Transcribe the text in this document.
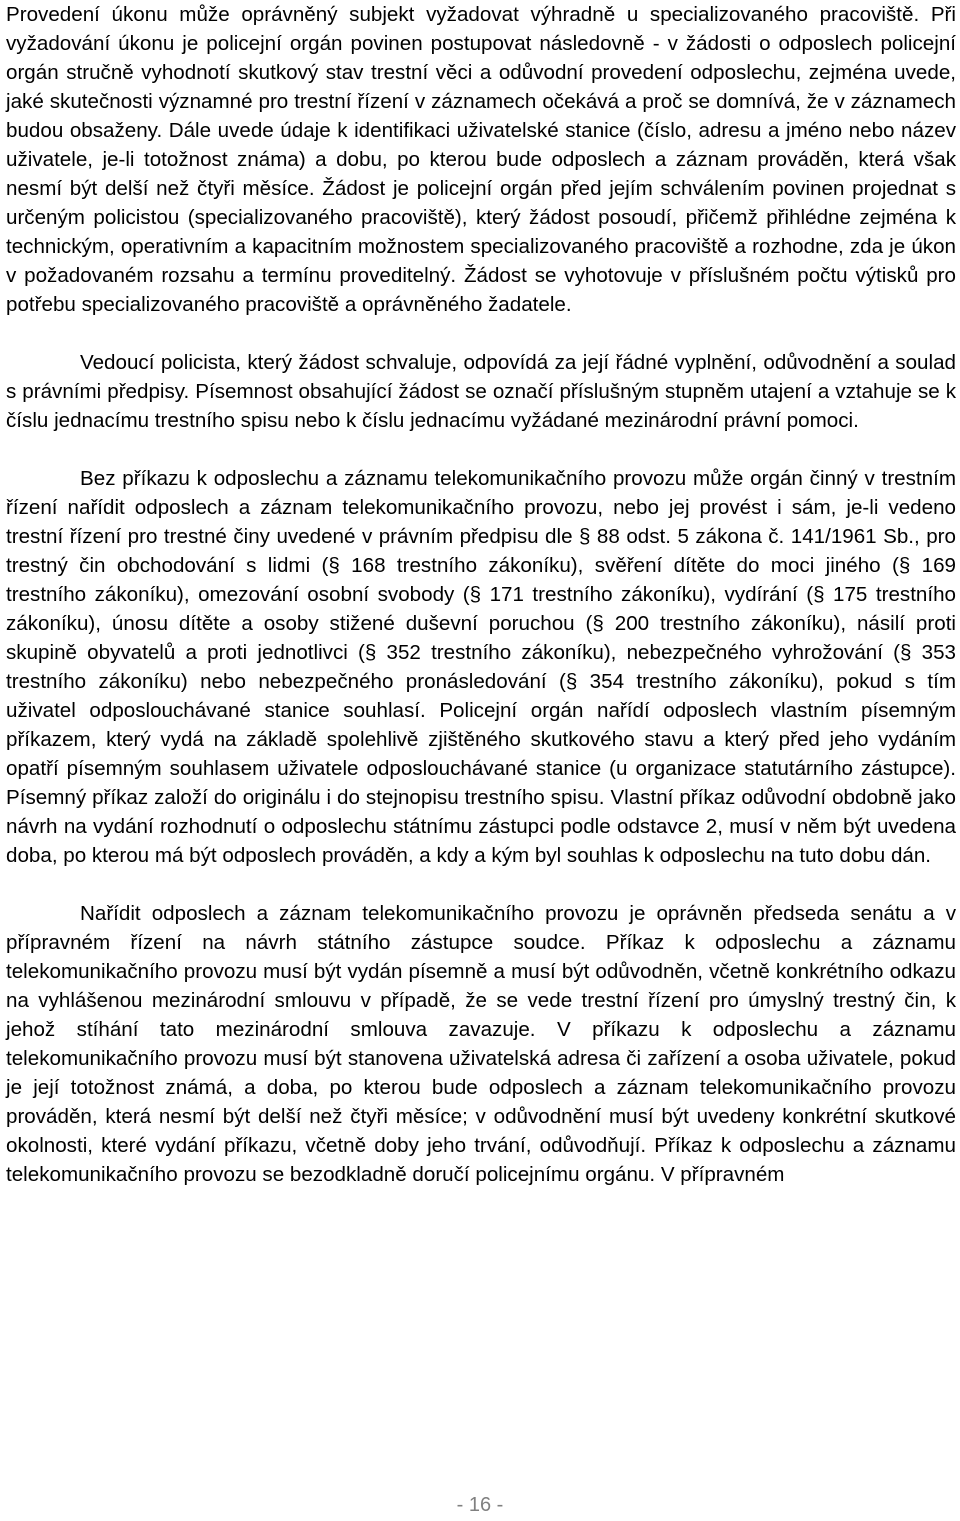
Provedení úkonu může oprávněný subjekt vyžadovat výhradně u specializovaného pracoviště. Při vyžadování úkonu je policejní orgán povinen postupovat následovně - v žádosti o odposlech policejní orgán stručně vyhodnotí skutkový stav trestní věci a odůvodní provedení odposlechu, zejména uvede, jaké skutečnosti významné pro trestní řízení v záznamech očekává a proč se domnívá, že v záznamech budou obsaženy. Dále uvede údaje k identifikaci uživatelské stanice (číslo, adresu a jméno nebo název uživatele, je-li totožnost známa) a dobu, po kterou bude odposlech a záznam prováděn, která však nesmí být delší než čtyři měsíce. Žádost je policejní orgán před jejím schválením povinen projednat s určeným policistou (specializovaného pracoviště), který žádost posoudí, přičemž přihlédne zejména k technickým, operativním a kapacitním možnostem specializovaného pracoviště a rozhodne, zda je úkon v požadovaném rozsahu a termínu proveditelný. Žádost se vyhotovuje v příslušném počtu výtisků pro potřebu specializovaného pracoviště a oprávněného žadatele.

Vedoucí policista, který žádost schvaluje, odpovídá za její řádné vyplnění, odůvodnění a soulad s právními předpisy. Písemnost obsahující žádost se označí příslušným stupněm utajení a vztahuje se k číslu jednacímu trestního spisu nebo k číslu jednacímu vyžádané mezinárodní právní pomoci.

Bez příkazu k odposlechu a záznamu telekomunikačního provozu může orgán činný v trestním řízení nařídit odposlech a záznam telekomunikačního provozu, nebo jej provést i sám, je-li vedeno trestní řízení pro trestné činy uvedené v právním předpisu dle § 88 odst. 5 zákona č. 141/1961 Sb., pro trestný čin obchodování s lidmi (§ 168 trestního zákoníku), svěření dítěte do moci jiného (§ 169 trestního zákoníku), omezování osobní svobody (§ 171 trestního zákoníku), vydírání (§ 175 trestního zákoníku), únosu dítěte a osoby stižené duševní poruchou (§ 200 trestního zákoníku), násilí proti skupině obyvatelů a proti jednotlivci (§ 352 trestního zákoníku), nebezpečného vyhrožování (§ 353 trestního zákoníku) nebo nebezpečného pronásledování (§ 354 trestního zákoníku), pokud s tím uživatel odposlouchávané stanice souhlasí. Policejní orgán nařídí odposlech vlastním písemným příkazem, který vydá na základě spolehlivě zjištěného skutkového stavu a který před jeho vydáním opatří písemným souhlasem uživatele odposlouchávané stanice (u organizace statutárního zástupce). Písemný příkaz založí do originálu i do stejnopisu trestního spisu. Vlastní příkaz odůvodní obdobně jako návrh na vydání rozhodnutí o odposlechu státnímu zástupci podle odstavce 2, musí v něm být uvedena doba, po kterou má být odposlech prováděn, a kdy a kým byl souhlas k odposlechu na tuto dobu dán.

Nařídit odposlech a záznam telekomunikačního provozu je oprávněn předseda senátu a v přípravném řízení na návrh státního zástupce soudce. Příkaz k odposlechu a záznamu telekomunikačního provozu musí být vydán písemně a musí být odůvodněn, včetně konkrétního odkazu na vyhlášenou mezinárodní smlouvu v případě, že se vede trestní řízení pro úmyslný trestný čin, k jehož stíhání tato mezinárodní smlouva zavazuje. V příkazu k odposlechu a záznamu telekomunikačního provozu musí být stanovena uživatelská adresa či zařízení a osoba uživatele, pokud je její totožnost známá, a doba, po kterou bude odposlech a záznam telekomunikačního provozu prováděn, která nesmí být delší než čtyři měsíce; v odůvodnění musí být uvedeny konkrétní skutkové okolnosti, které vydání příkazu, včetně doby jeho trvání, odůvodňují. Příkaz k odposlechu a záznamu telekomunikačního provozu se bezodkladně doručí policejnímu orgánu. V přípravném

- 16 -
